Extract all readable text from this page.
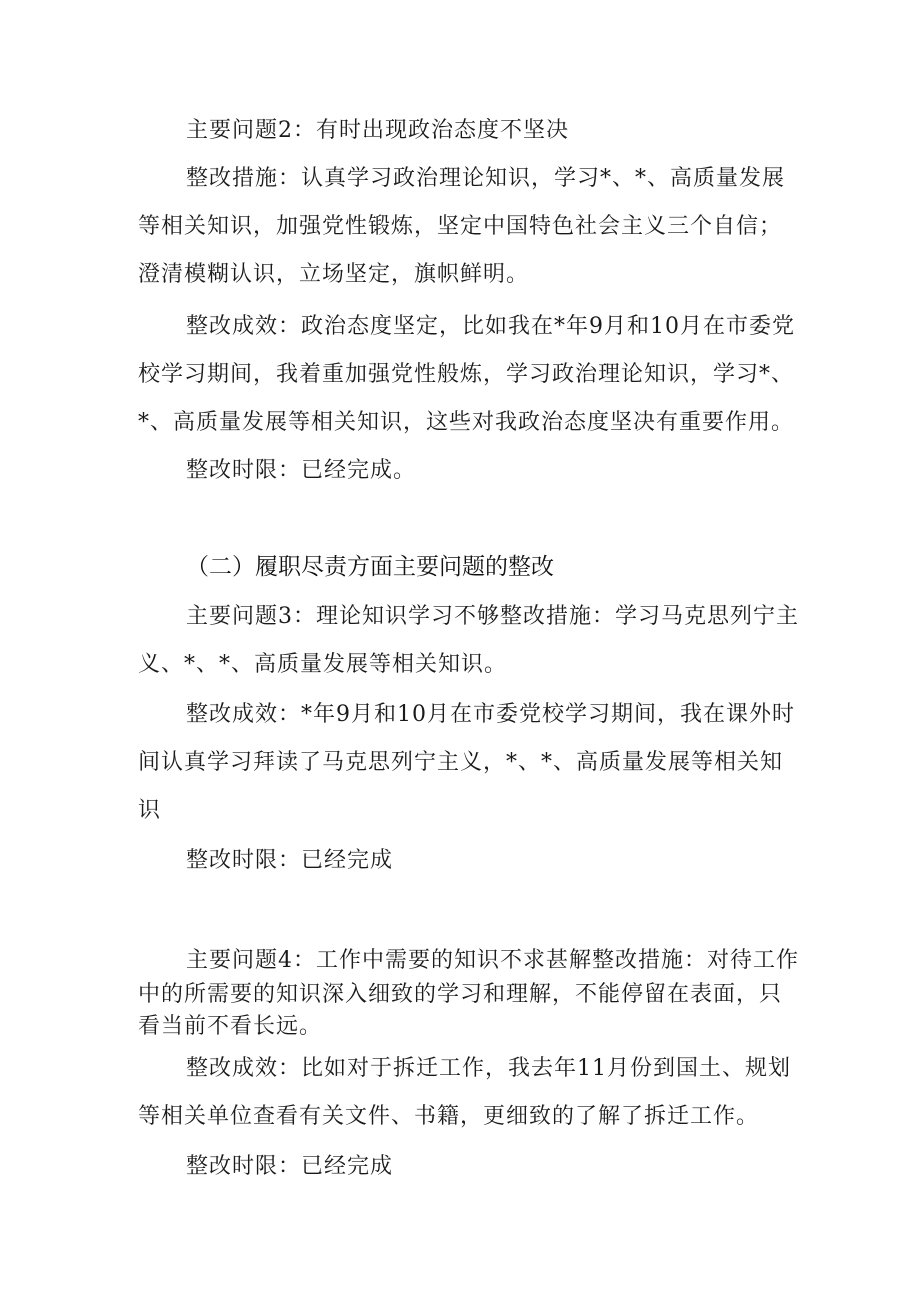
主要问题2：有时出现政治态度不坚决
整改措施：认真学习政治理论知识，学习*、*、高质量发展
等相关知识，加强党性锻炼，坚定中国特色社会主义三个自信；
澄清模糊认识，立场坚定，旗帜鲜明。
整改成效：政治态度坚定，比如我在*年9月和10月在市委党
校学习期间，我着重加强党性般炼，学习政治理论知识，学习*、
*、高质量发展等相关知识，这些对我政治态度坚决有重要作用。
整改时限：已经完成。
（二）履职尽责方面主要问题的整改
主要问题3：理论知识学习不够整改措施：学习马克思列宁主
义、*、*、高质量发展等相关知识。
整改成效：*年9月和10月在市委党校学习期间，我在课外时
间认真学习拜读了马克思列宁主义，*、*、高质量发展等相关知
识
整改时限：已经完成
主要问题4：工作中需要的知识不求甚解整改措施：对待工作
中的所需要的知识深入细致的学习和理解，不能停留在表面，只
看当前不看长远。
整改成效：比如对于拆迁工作，我去年11月份到国土、规划
等相关单位查看有关文件、书籍，更细致的了解了拆迁工作。
整改时限：已经完成
